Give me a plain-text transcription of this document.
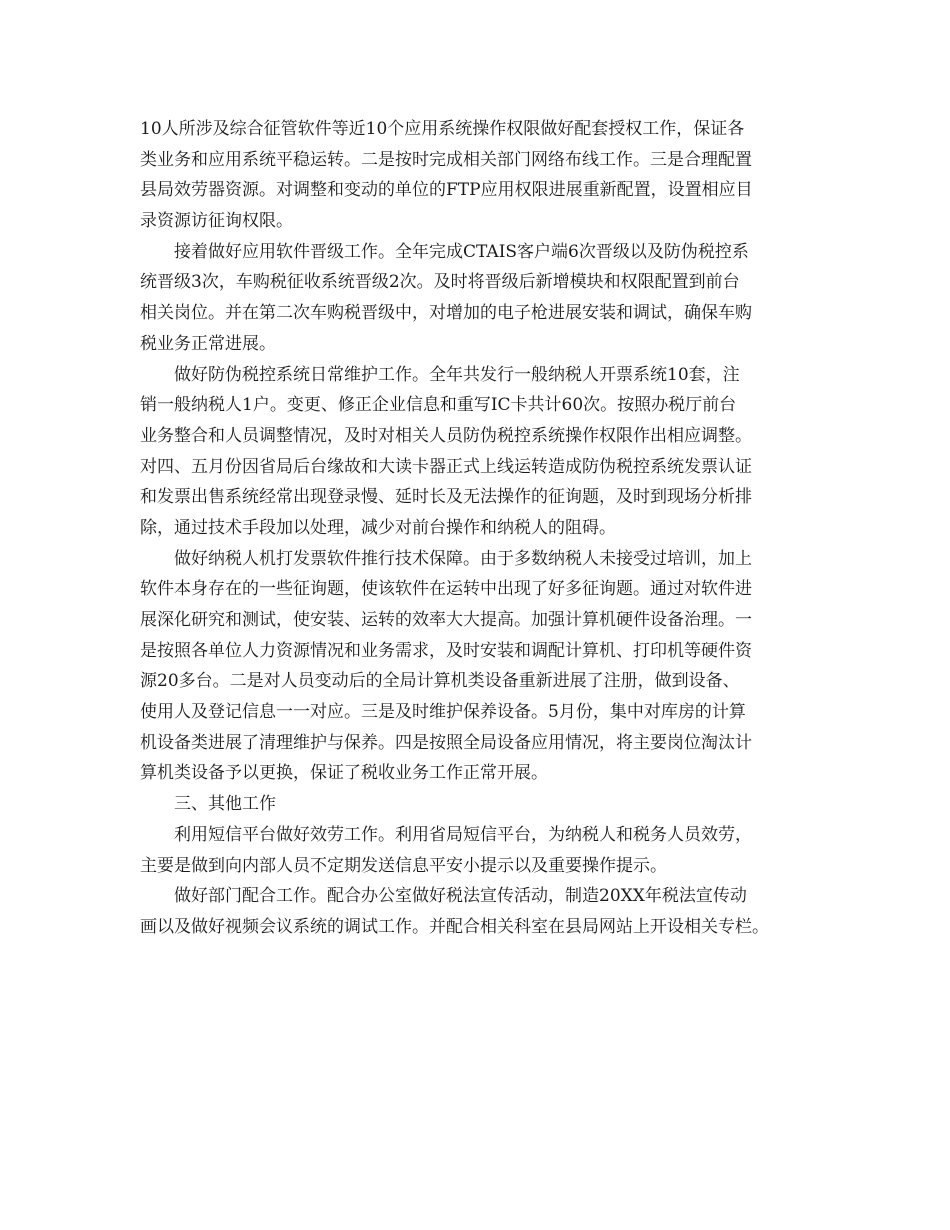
10人所涉及综合征管软件等近10个应用系统操作权限做好配套授权工作，保证各
类业务和应用系统平稳运转。二是按时完成相关部门网络布线工作。三是合理配置
县局效劳器资源。对调整和变动的单位的FTP应用权限进展重新配置，设置相应目
录资源访征询权限。
接着做好应用软件晋级工作。全年完成CTAIS客户端6次晋级以及防伪税控系
统晋级3次，车购税征收系统晋级2次。及时将晋级后新增模块和权限配置到前台
相关岗位。并在第二次车购税晋级中，对增加的电子枪进展安装和调试，确保车购
税业务正常进展。
做好防伪税控系统日常维护工作。全年共发行一般纳税人开票系统10套，注
销一般纳税人1户。变更、修正企业信息和重写IC卡共计60次。按照办税厅前台
业务整合和人员调整情况，及时对相关人员防伪税控系统操作权限作出相应调整。
对四、五月份因省局后台缘故和大读卡器正式上线运转造成防伪税控系统发票认证
和发票出售系统经常出现登录慢、延时长及无法操作的征询题，及时到现场分析排
除，通过技术手段加以处理，减少对前台操作和纳税人的阻碍。
做好纳税人机打发票软件推行技术保障。由于多数纳税人未接受过培训，加上
软件本身存在的一些征询题，使该软件在运转中出现了好多征询题。通过对软件进
展深化研究和测试，使安装、运转的效率大大提高。加强计算机硬件设备治理。一
是按照各单位人力资源情况和业务需求，及时安装和调配计算机、打印机等硬件资
源20多台。二是对人员变动后的全局计算机类设备重新进展了注册，做到设备、
使用人及登记信息一一对应。三是及时维护保养设备。5月份，集中对库房的计算
机设备类进展了清理维护与保养。四是按照全局设备应用情况，将主要岗位淘汰计
算机类设备予以更换，保证了税收业务工作正常开展。
三、其他工作
利用短信平台做好效劳工作。利用省局短信平台，为纳税人和税务人员效劳，
主要是做到向内部人员不定期发送信息平安小提示以及重要操作提示。
做好部门配合工作。配合办公室做好税法宣传活动，制造20XX年税法宣传动
画以及做好视频会议系统的调试工作。并配合相关科室在县局网站上开设相关专栏。
